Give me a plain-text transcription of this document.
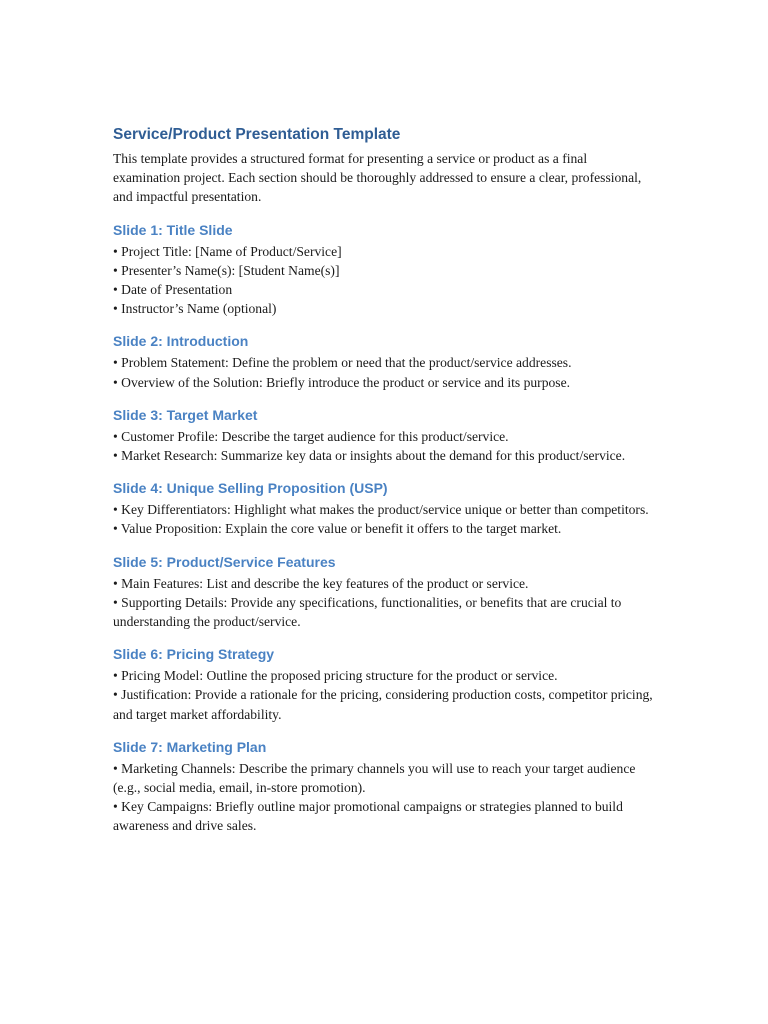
Service/Product Presentation Template

This template provides a structured format for presenting a service or product as a final examination project. Each section should be thoroughly addressed to ensure a clear, professional, and impactful presentation.

Slide 1: Title Slide

• Project Title: [Name of Product/Service]

• Presenter’s Name(s): [Student Name(s)]

• Date of Presentation

• Instructor’s Name (optional)

Slide 2: Introduction

• Problem Statement: Define the problem or need that the product/service addresses.

• Overview of the Solution: Briefly introduce the product or service and its purpose.

Slide 3: Target Market

• Customer Profile: Describe the target audience for this product/service.

• Market Research: Summarize key data or insights about the demand for this product/service.

Slide 4: Unique Selling Proposition (USP)

• Key Differentiators: Highlight what makes the product/service unique or better than competitors.

• Value Proposition: Explain the core value or benefit it offers to the target market.

Slide 5: Product/Service Features

• Main Features: List and describe the key features of the product or service.

• Supporting Details: Provide any specifications, functionalities, or benefits that are crucial to understanding the product/service.

Slide 6: Pricing Strategy

• Pricing Model: Outline the proposed pricing structure for the product or service.

• Justification: Provide a rationale for the pricing, considering production costs, competitor pricing, and target market affordability.

Slide 7: Marketing Plan

• Marketing Channels: Describe the primary channels you will use to reach your target audience (e.g., social media, email, in-store promotion).

• Key Campaigns: Briefly outline major promotional campaigns or strategies planned to build awareness and drive sales.
